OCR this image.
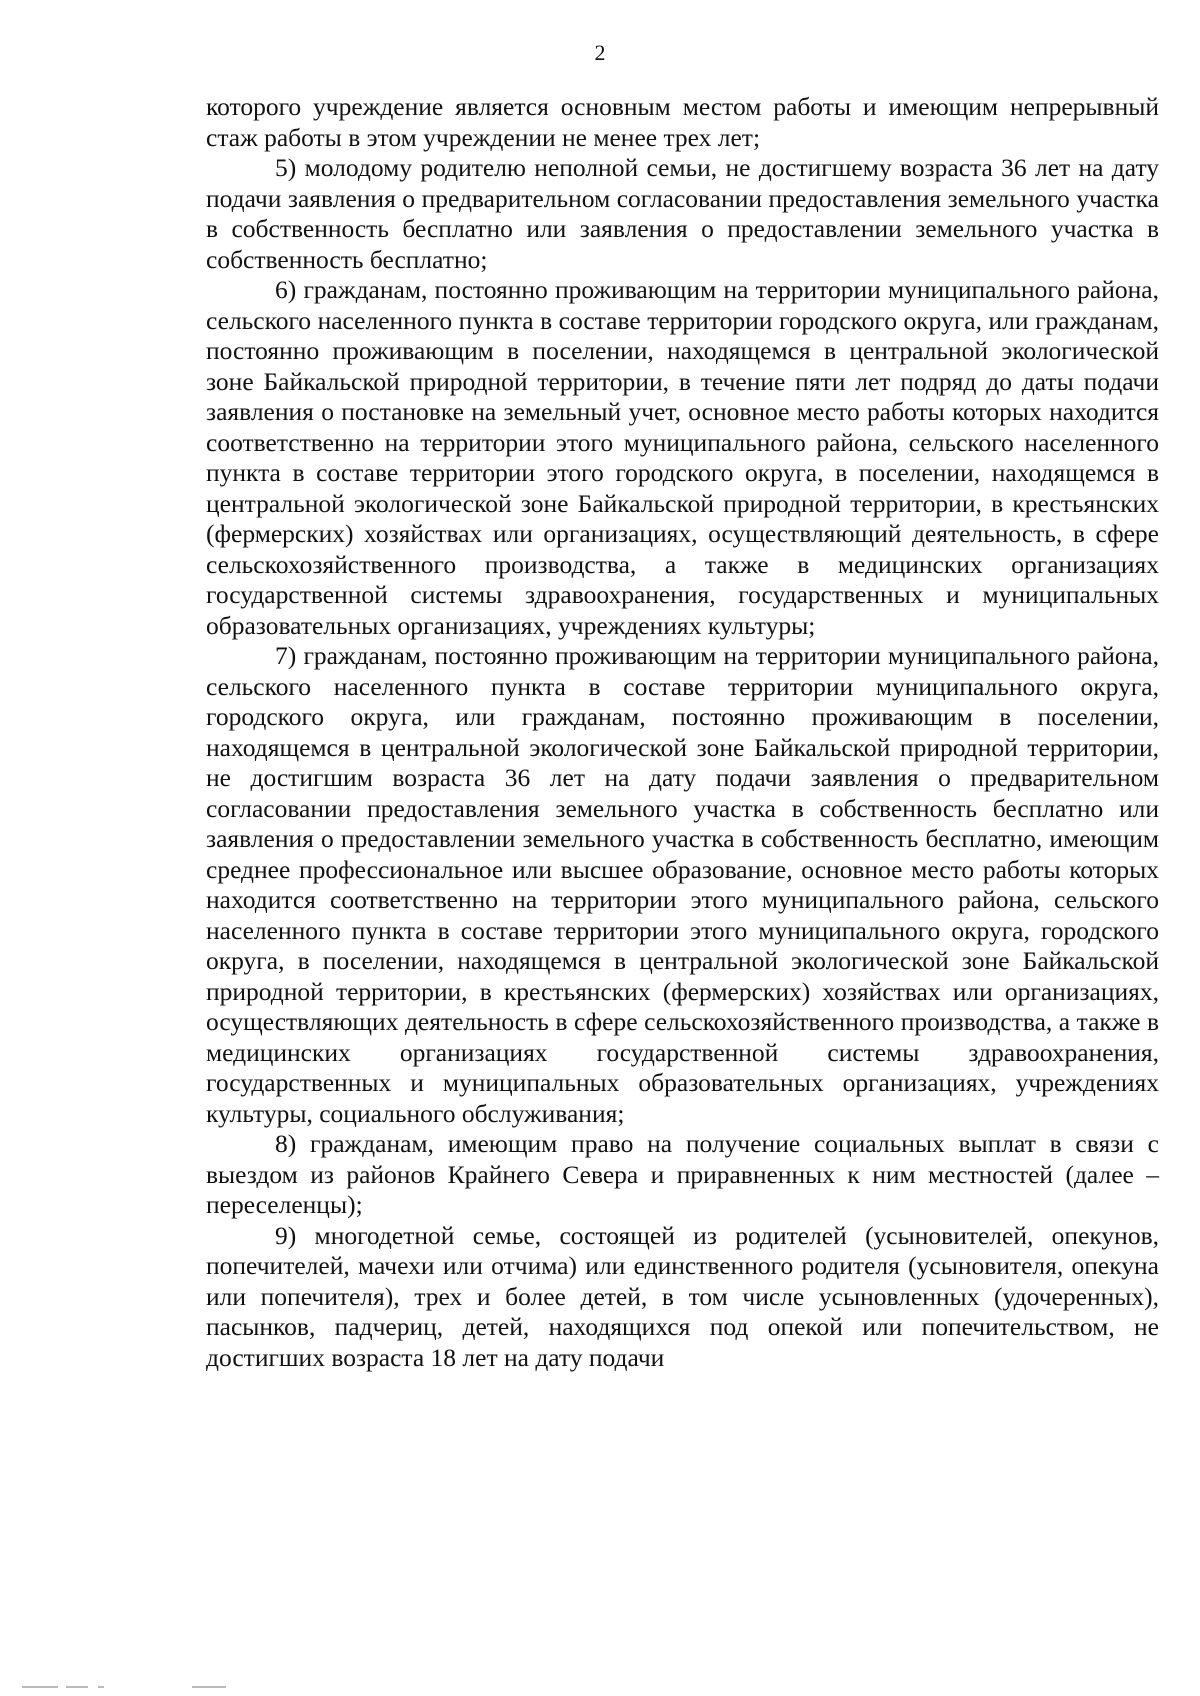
2

которого учреждение является основным местом работы и имеющим непрерывный стаж работы в этом учреждении не менее трех лет;

5) молодому родителю неполной семьи, не достигшему возраста 36 лет на дату подачи заявления о предварительном согласовании предоставления земельного участка в собственность бесплатно или заявления о предоставлении земельного участка в собственность бесплатно;

6) гражданам, постоянно проживающим на территории муниципального района, сельского населенного пункта в составе территории городского округа, или гражданам, постоянно проживающим в поселении, находящемся в центральной экологической зоне Байкальской природной территории, в течение пяти лет подряд до даты подачи заявления о постановке на земельный учет, основное место работы которых находится соответственно на территории этого муниципального района, сельского населенного пункта в составе территории этого городского округа, в поселении, находящемся в центральной экологической зоне Байкальской природной территории, в крестьянских (фермерских) хозяйствах или организациях, осуществляющий деятельность, в сфере сельскохозяйственного производства, а также в медицинских организациях государственной системы здравоохранения, государственных и муниципальных образовательных организациях, учреждениях культуры;

7) гражданам, постоянно проживающим на территории муниципального района, сельского населенного пункта в составе территории муниципального округа, городского округа, или гражданам, постоянно проживающим в поселении, находящемся в центральной экологической зоне Байкальской природной территории, не достигшим возраста 36 лет на дату подачи заявления о предварительном согласовании предоставления земельного участка в собственность бесплатно или заявления о предоставлении земельного участка в собственность бесплатно, имеющим среднее профессиональное или высшее образование, основное место работы которых находится соответственно на территории этого муниципального района, сельского населенного пункта в составе территории этого муниципального округа, городского округа, в поселении, находящемся в центральной экологической зоне Байкальской природной территории, в крестьянских (фермерских) хозяйствах или организациях, осуществляющих деятельность в сфере сельскохозяйственного производства, а также в медицинских организациях государственной системы здравоохранения, государственных и муниципальных образовательных организациях, учреждениях культуры, социального обслуживания;

8) гражданам, имеющим право на получение социальных выплат в связи с выездом из районов Крайнего Севера и приравненных к ним местностей (далее – переселенцы);

9) многодетной семье, состоящей из родителей (усыновителей, опекунов, попечителей, мачехи или отчима) или единственного родителя (усыновителя, опекуна или попечителя), трех и более детей, в том числе усыновленных (удочеренных), пасынков, падчериц, детей, находящихся под опекой или попечительством, не достигших возраста 18 лет на дату подачи
